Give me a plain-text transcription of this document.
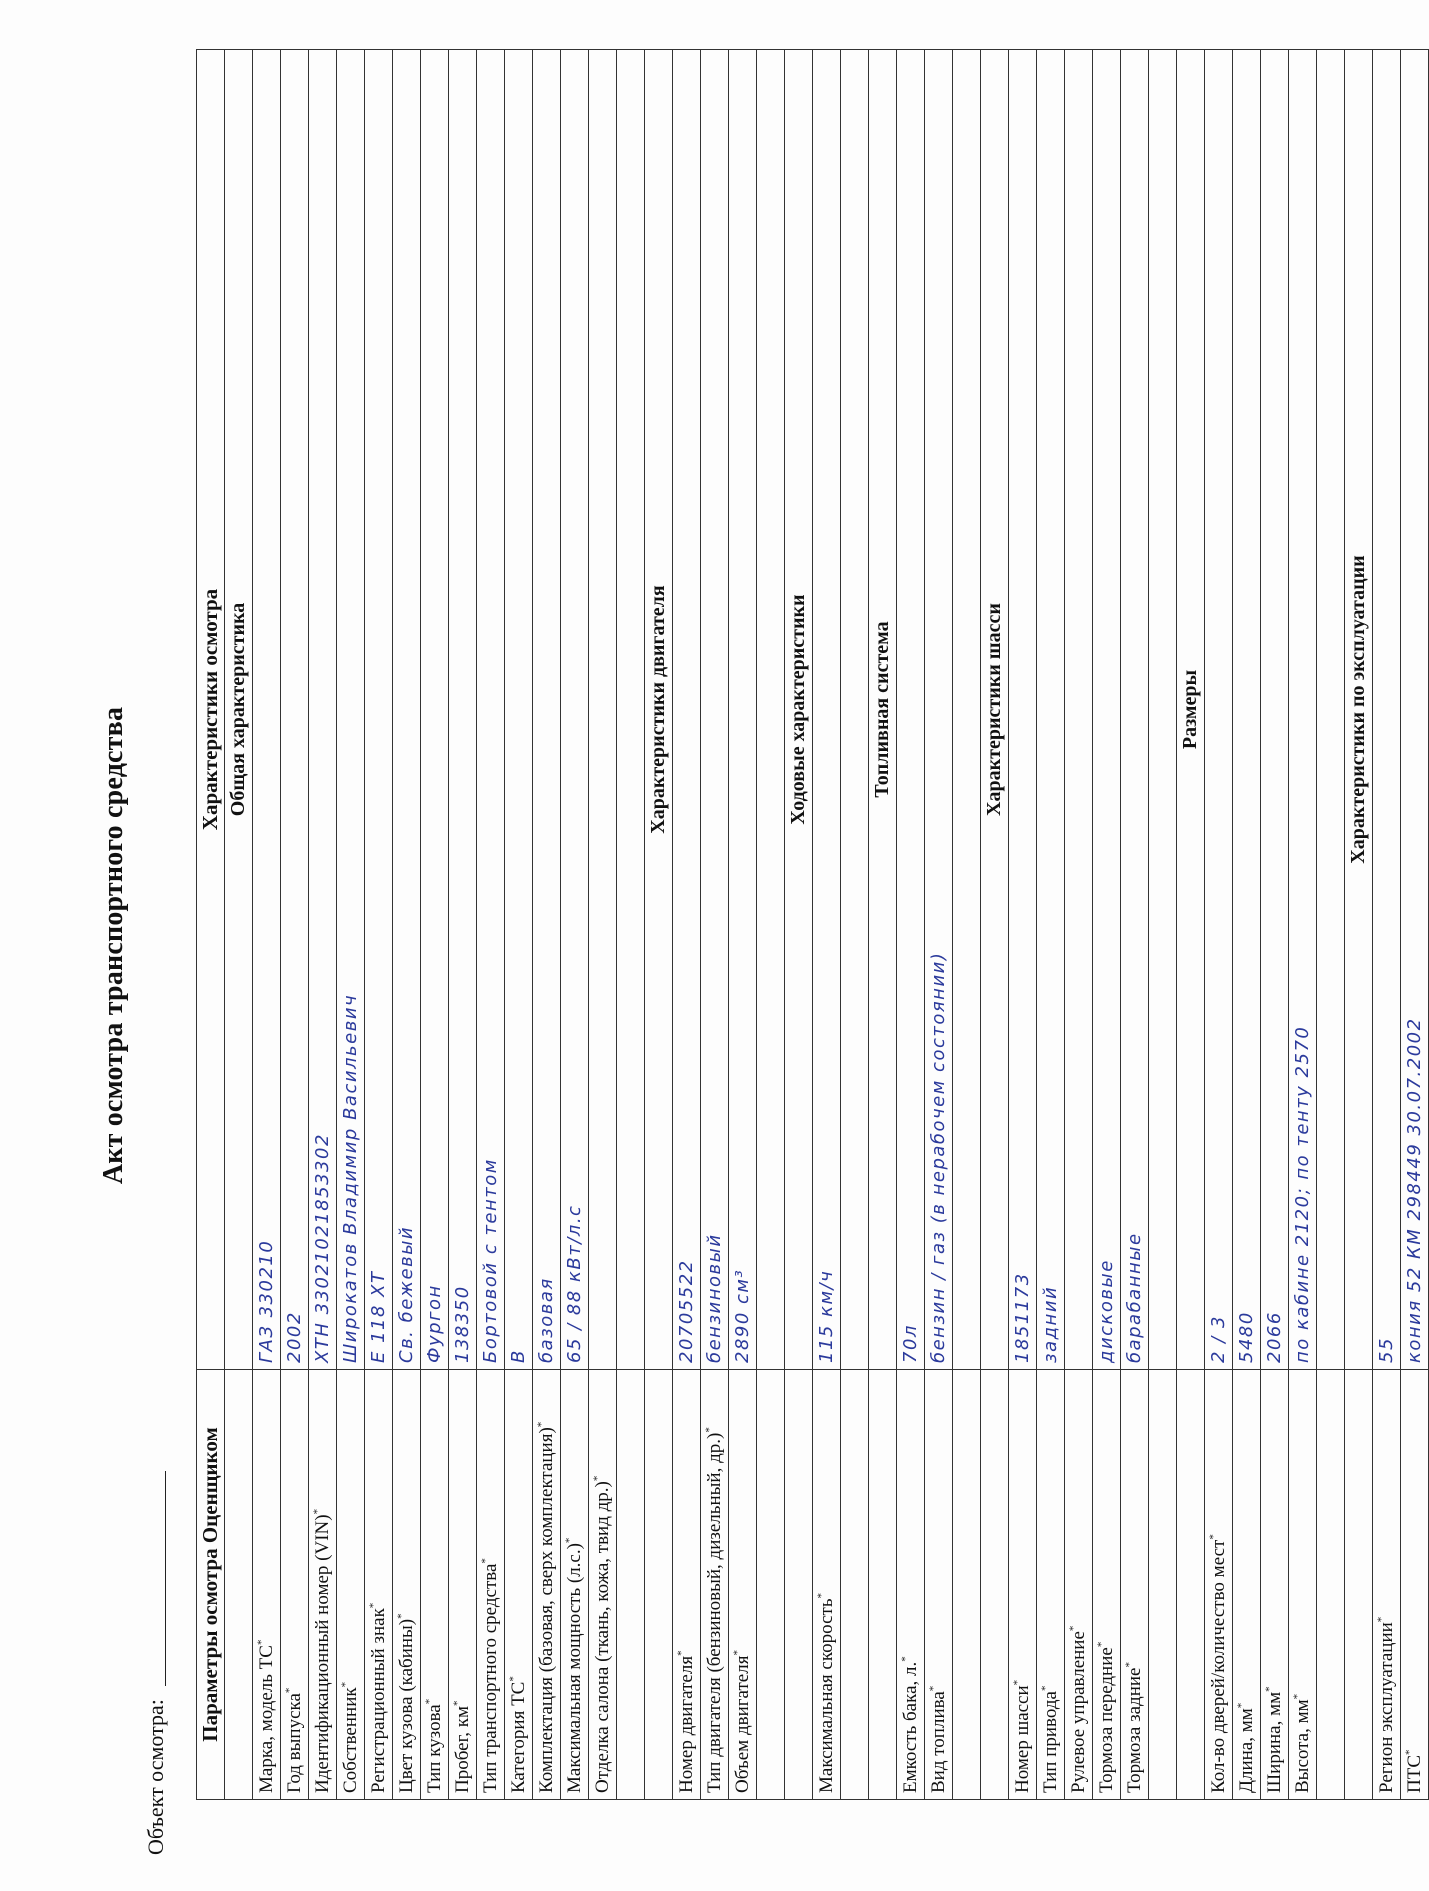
Акт осмотра транспортного средства
Объект осмотра:
Параметры осмотра Оценщиком	Характеристики осмотра
	Общая характеристика
Марка, модель ТС*	ГАЗ 330210
Год выпуска*	2002
Идентификационный номер (VIN)*	ХТН 33021021853302
Собственник*	Широкатов Владимир Васильевич
Регистрационный знак*	Е 118 ХТ
Цвет кузова (кабины)*	Св. бежевый
Тип кузова*	Фургон
Пробег, км*	138350
Тип транспортного средства*	Бортовой с тентом
Категория ТС*	В
Комплектация (базовая, сверх комплектация)*	базовая
Максимальная мощность (л.с.)*	65 / 88 кВт/л.с
Отделка салона (ткань, кожа, твид др.)*	

	Характеристики двигателя
Номер двигателя*	20705522
Тип двигателя (бензиновый, дизельный, др.)*	бензиновый
Объем двигателя*	2890 см³

	Ходовые характеристики
Максимальная скорость*	115 км/ч

	Топливная система
Емкость бака, л.*	70л
Вид топлива*	бензин / газ (в нерабочем состоянии)

	Характеристики шасси
Номер шасси*	1851173
Тип привода*	задний
Рулевое управление*	
Тормоза передние*	дисковые
Тормоза задние*	барабанные

	Размеры
Кол-во дверей/количество мест*	2 / 3
Длина, мм*	5480
Ширина, мм*	2066
Высота, мм*	по кабине 2120; по тенту 2570

	Характеристики по эксплуатации
Регион эксплуатации*	55
ПТС*	кония 52 КМ 298449 30.07.2002
